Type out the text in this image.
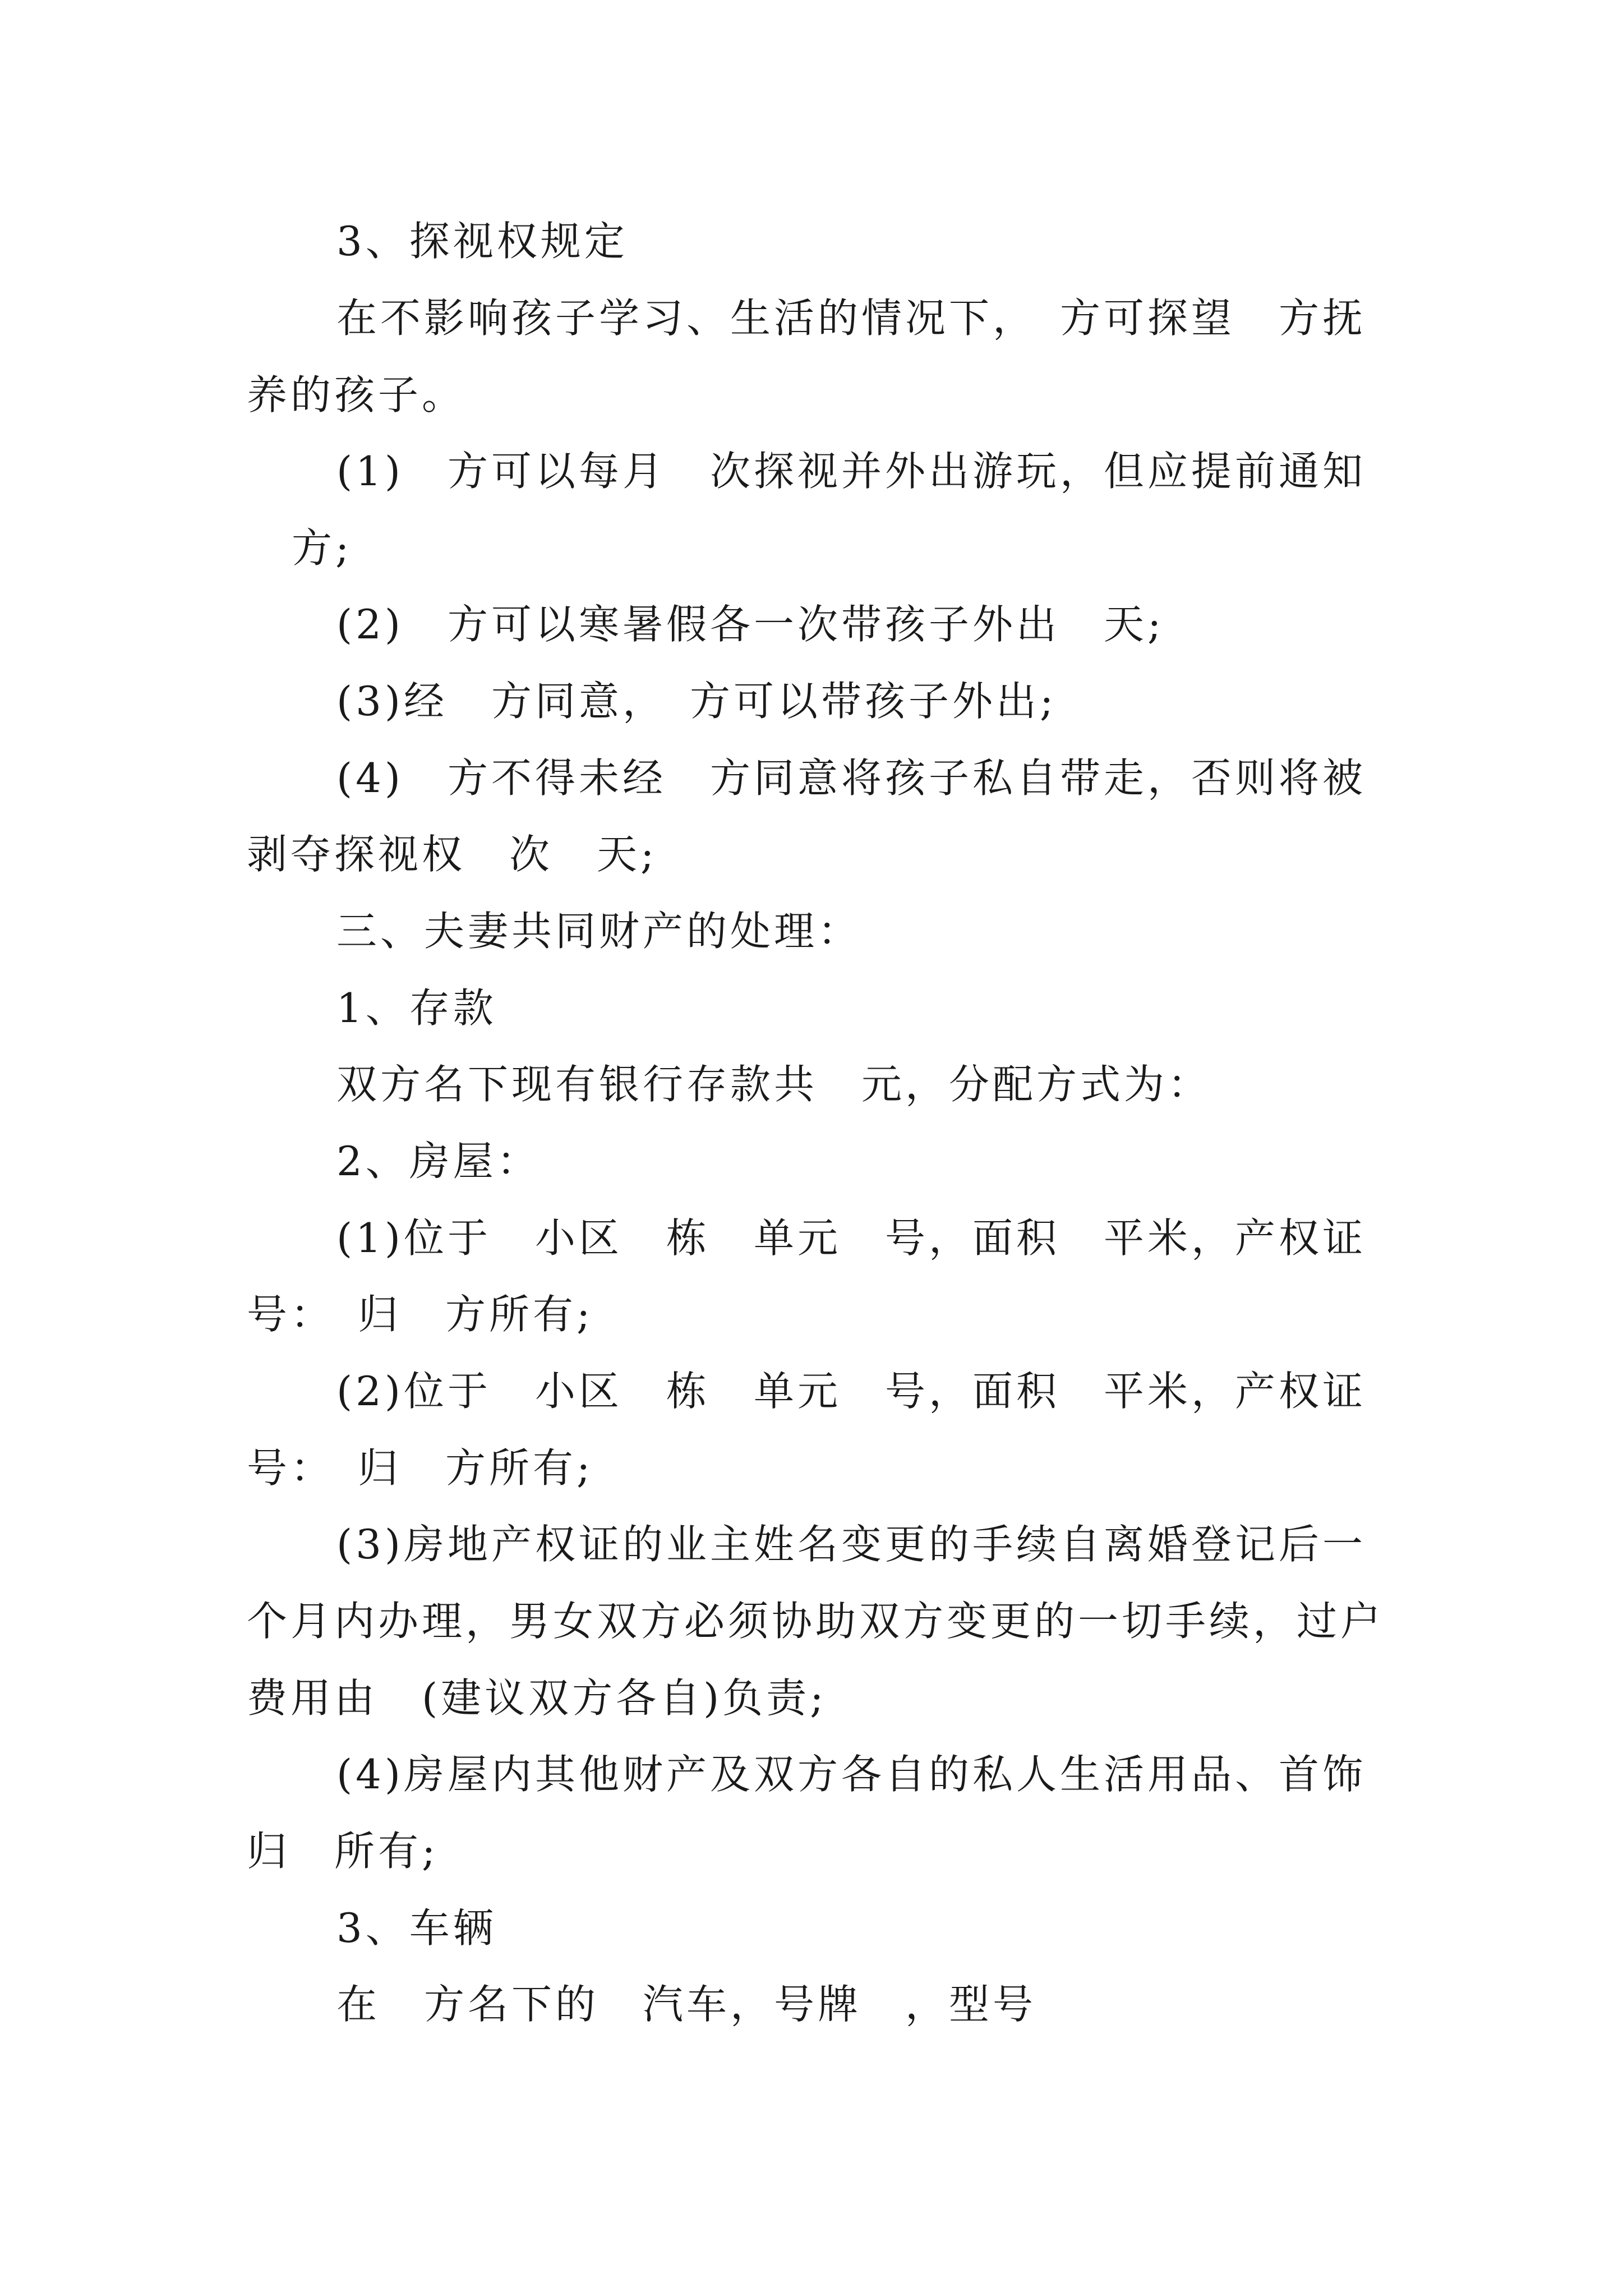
3、探视权规定

在不影响孩子学习、生活的情况下，　方可探望　方抚

养的孩子。

(1)　方可以每月　次探视并外出游玩，但应提前通知

方;

(2)　方可以寒暑假各一次带孩子外出　天;

(3)经　方同意，　方可以带孩子外出;

(4)　方不得未经　方同意将孩子私自带走，否则将被

剥夺探视权　次　天;

三、夫妻共同财产的处理：

1、存款

双方名下现有银行存款共　元，分配方式为：

2、房屋：

(1)位于　小区　栋　单元　号，面积　平米，产权证

号：　归　方所有;

(2)位于　小区　栋　单元　号，面积　平米，产权证

号：　归　方所有;

(3)房地产权证的业主姓名变更的手续自离婚登记后一

个月内办理，男女双方必须协助双方变更的一切手续，过户

费用由　(建议双方各自)负责;

(4)房屋内其他财产及双方各自的私人生活用品、首饰

归　所有;

3、车辆

在　方名下的　汽车，号牌　，型号
